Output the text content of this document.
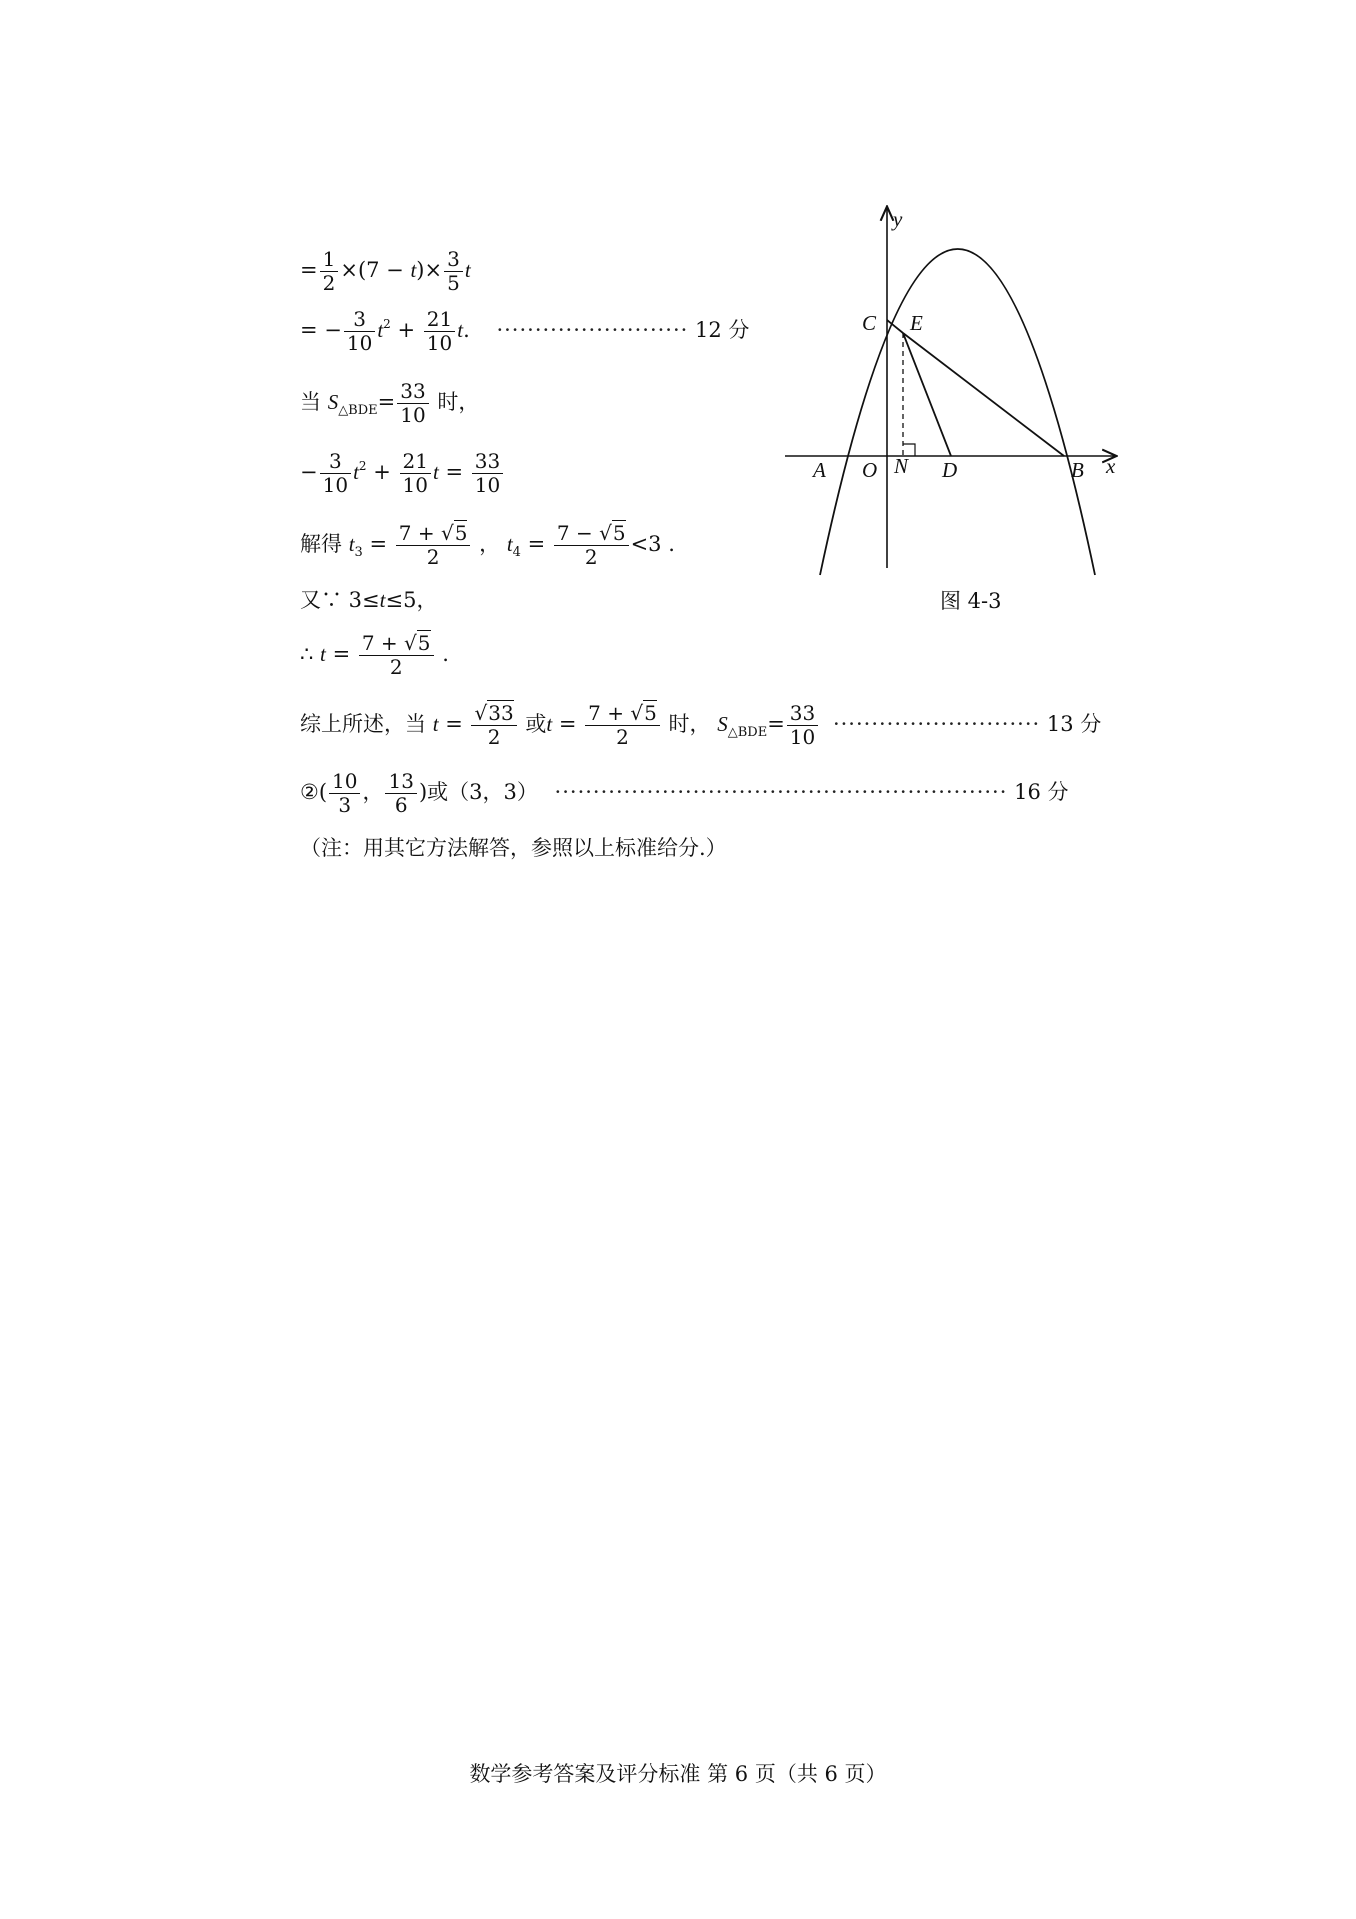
= $\frac{1}{2} \times(7 - t)\times \frac{3}{5}$ t
= − $\frac{3}{10} t^2 + \frac{21}{10} t$. ························· 12 分
当 $S_{\triangle BDE}= \frac{33}{10}$ 时，
− $\frac{3}{10} t^2 + \frac{21}{10}$ $t = \frac{33}{10}$
解得 $t_3 = \frac{7 + √5}{2}$ ， $t_4 = \frac{7 - √5}{2} <3$ .
又∵ 3≤t≤5，
∴ $t = \frac{7 + √5}{2}$ .
综上所述，当 $t = \frac{√33}{2}$ 或$t = \frac{7 + √5}{2}$ 时， $S_{\triangle BDE}= \frac{33}{10}$ ··························· 13 分
②( $\frac{10}{3}$ ， $\frac{13}{6}$ )或（3，3） ··························································· 16 分
（注：用其它方法解答，参照以上标准给分.）
y
x
C E
A O N D	B
图 4-3
数学参考答案及评分标准 第 6 页（共 6 页）
